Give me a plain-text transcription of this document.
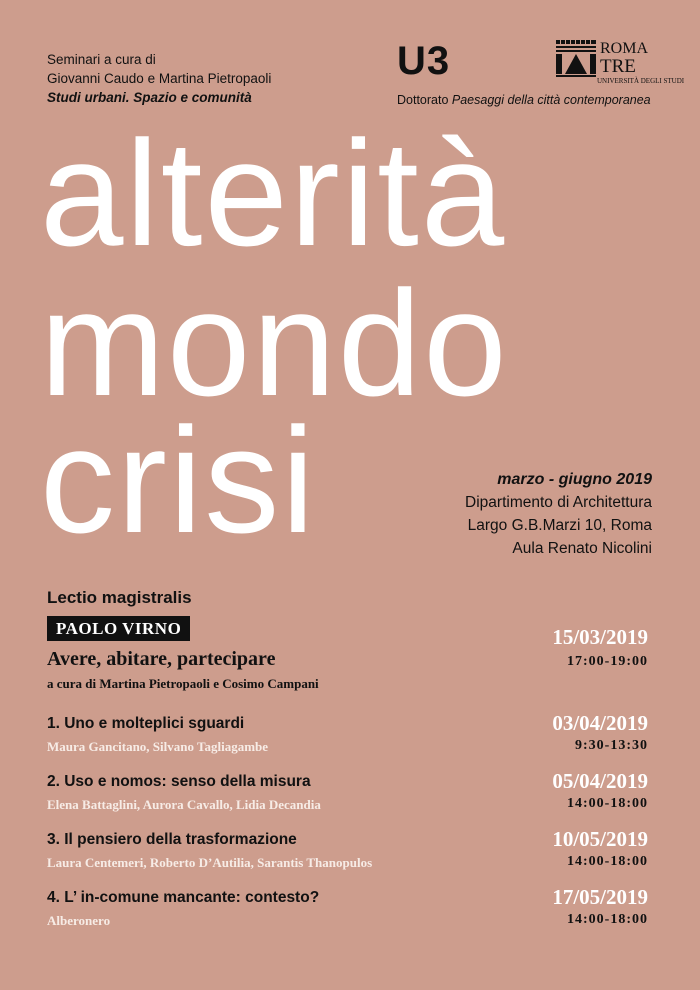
Seminari a cura di
Giovanni Caudo e Martina Pietropaoli
Studi urbani. Spazio e comunità
U3
Dottorato Paesaggi della città contemporanea
ROMA
TRE
UNIVERSITÀ DEGLI STUDI
alterità
mondo
crisi	marzo - giugno 2019
Dipartimento di Architettura
Largo G.B.Marzi 10, Roma
Aula Renato Nicolini
Lectio magistralis
PAOLO VIRNO
Avere, abitare, partecipare
a cura di Martina Pietropaoli e Cosimo Campani
15/03/2019
17:00-19:00
1. Uno e molteplici sguardi
Maura Gancitano, Silvano Tagliagambe
03/04/2019
9:30-13:30
2. Uso e nomos: senso della misura
Elena Battaglini, Aurora Cavallo, Lidia Decandia
05/04/2019
14:00-18:00
3. Il pensiero della trasformazione
Laura Centemeri, Roberto D’Autilia, Sarantis Thanopulos
10/05/2019
14:00-18:00
4. L’ in-comune mancante: contesto?
Alberonero
17/05/2019
14:00-18:00
